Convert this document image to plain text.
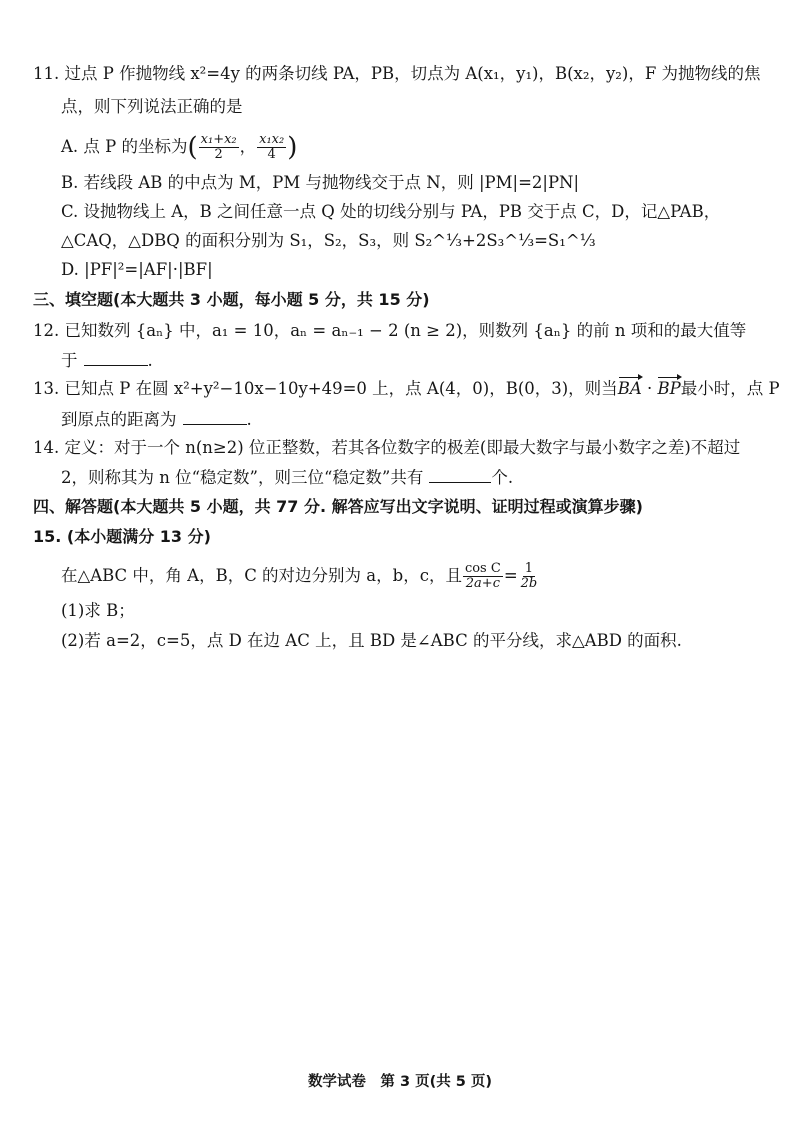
11. 过点 P 作抛物线 x²=4y 的两条切线 PA，PB，切点为 A(x₁，y₁)，B(x₂，y₂)，F 为抛物线的焦
点，则下列说法正确的是
A. 点 P 的坐标为( $\frac{\text{x₁+x₂}}{2}$ ， $\frac{\text{x₁x₂}}{4}$ )
B. 若线段 AB 的中点为 M，PM 与抛物线交于点 N，则 |PM|=2|PN|
C. 设抛物线上 A，B 之间任意一点 Q 处的切线分别与 PA，PB 交于点 C，D，记△PAB，
△CAQ，△DBQ 的面积分别为 S₁，S₂，S₃，则 S₂^⅓+2S₃^⅓=S₁^⅓
D. |PF|²=|AF|·|BF|
三、填空题(本大题共 3 小题，每小题 5 分，共 15 分)
12. 已知数列 {aₙ} 中，a₁ = 10，aₙ = aₙ₋₁ − 2 (n ≥ 2)，则数列 {aₙ} 的前 n 项和的最大值等
于	.
13. 已知点 P 在圆 x²+y²−10x−10y+49=0 上，点 A(4，0)，B(0，3)，则当BA · BP最小时，点 P
到原点的距离为	.
14. 定义：对于一个 n(n≥2) 位正整数，若其各位数字的极差(即最大数字与最小数字之差)不超过
2，则称其为 n 位“稳定数”，则三位“稳定数”共有	个.
四、解答题(本大题共 5 小题，共 77 分. 解答应写出文字说明、证明过程或演算步骤)
15. (本小题满分 13 分)
在△ABC 中，角 A，B，C 的对边分别为 a，b，c，且 $\frac{\text{cos C}}{2a+c} = \frac{1}{2b}$
(1)求 B；
(2)若 a=2，c=5，点 D 在边 AC 上，且 BD 是∠ABC 的平分线，求△ABD 的面积.
数学试卷　第 3 页(共 5 页)
